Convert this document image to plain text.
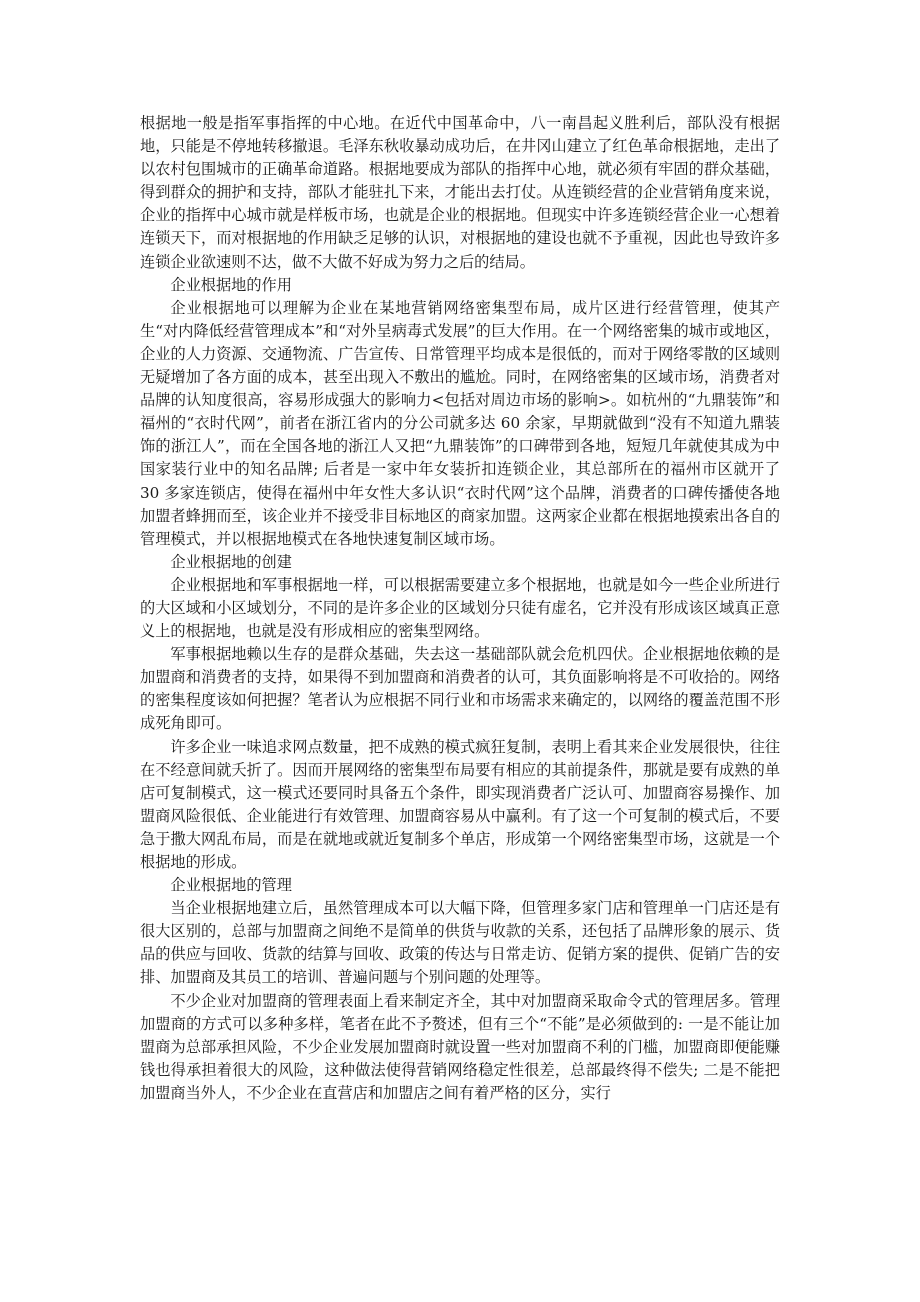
根据地一般是指军事指挥的中心地。在近代中国革命中，八一南昌起义胜利后，部队没有根据地，只能是不停地转移撤退。毛泽东秋收暴动成功后，在井冈山建立了红色革命根据地，走出了以农村包围城市的正确革命道路。根据地要成为部队的指挥中心地，就必须有牢固的群众基础，得到群众的拥护和支持，部队才能驻扎下来，才能出去打仗。从连锁经营的企业营销角度来说，企业的指挥中心城市就是样板市场，也就是企业的根据地。但现实中许多连锁经营企业一心想着连锁天下，而对根据地的作用缺乏足够的认识，对根据地的建设也就不予重视，因此也导致许多连锁企业欲速则不达，做不大做不好成为努力之后的结局。

企业根据地的作用

企业根据地可以理解为企业在某地营销网络密集型布局，成片区进行经营管理，使其产生“对内降低经营管理成本”和“对外呈病毒式发展”的巨大作用。在一个网络密集的城市或地区，企业的人力资源、交通物流、广告宣传、日常管理平均成本是很低的，而对于网络零散的区域则无疑增加了各方面的成本，甚至出现入不敷出的尴尬。同时，在网络密集的区域市场，消费者对品牌的认知度很高，容易形成强大的影响力<包括对周边市场的影响>。如杭州的“九鼎装饰”和福州的“衣时代网”，前者在浙江省内的分公司就多达 60 余家，早期就做到“没有不知道九鼎装饰的浙江人”，而在全国各地的浙江人又把“九鼎装饰”的口碑带到各地，短短几年就使其成为中国家装行业中的知名品牌; 后者是一家中年女装折扣连锁企业，其总部所在的福州市区就开了 30 多家连锁店，使得在福州中年女性大多认识“衣时代网”这个品牌，消费者的口碑传播使各地加盟者蜂拥而至，该企业并不接受非目标地区的商家加盟。这两家企业都在根据地摸索出各自的管理模式，并以根据地模式在各地快速复制区域市场。

企业根据地的创建

企业根据地和军事根据地一样，可以根据需要建立多个根据地，也就是如今一些企业所进行的大区域和小区域划分，不同的是许多企业的区域划分只徒有虚名，它并没有形成该区域真正意义上的根据地，也就是没有形成相应的密集型网络。

军事根据地赖以生存的是群众基础，失去这一基础部队就会危机四伏。企业根据地依赖的是加盟商和消费者的支持，如果得不到加盟商和消费者的认可，其负面影响将是不可收拾的。网络的密集程度该如何把握？笔者认为应根据不同行业和市场需求来确定的，以网络的覆盖范围不形成死角即可。

许多企业一味追求网点数量，把不成熟的模式疯狂复制，表明上看其来企业发展很快，往往在不经意间就夭折了。因而开展网络的密集型布局要有相应的其前提条件，那就是要有成熟的单店可复制模式，这一模式还要同时具备五个条件，即实现消费者广泛认可、加盟商容易操作、加盟商风险很低、企业能进行有效管理、加盟商容易从中赢利。有了这一个可复制的模式后，不要急于撒大网乱布局，而是在就地或就近复制多个单店，形成第一个网络密集型市场，这就是一个根据地的形成。

企业根据地的管理

当企业根据地建立后，虽然管理成本可以大幅下降，但管理多家门店和管理单一门店还是有很大区别的，总部与加盟商之间绝不是简单的供货与收款的关系，还包括了品牌形象的展示、货品的供应与回收、货款的结算与回收、政策的传达与日常走访、促销方案的提供、促销广告的安排、加盟商及其员工的培训、普遍问题与个别问题的处理等。

不少企业对加盟商的管理表面上看来制定齐全，其中对加盟商采取命令式的管理居多。管理加盟商的方式可以多种多样，笔者在此不予赘述，但有三个“不能”是必须做到的: 一是不能让加盟商为总部承担风险，不少企业发展加盟商时就设置一些对加盟商不利的门槛，加盟商即便能赚钱也得承担着很大的风险，这种做法使得营销网络稳定性很差，总部最终得不偿失; 二是不能把加盟商当外人，不少企业在直营店和加盟店之间有着严格的区分，实行
